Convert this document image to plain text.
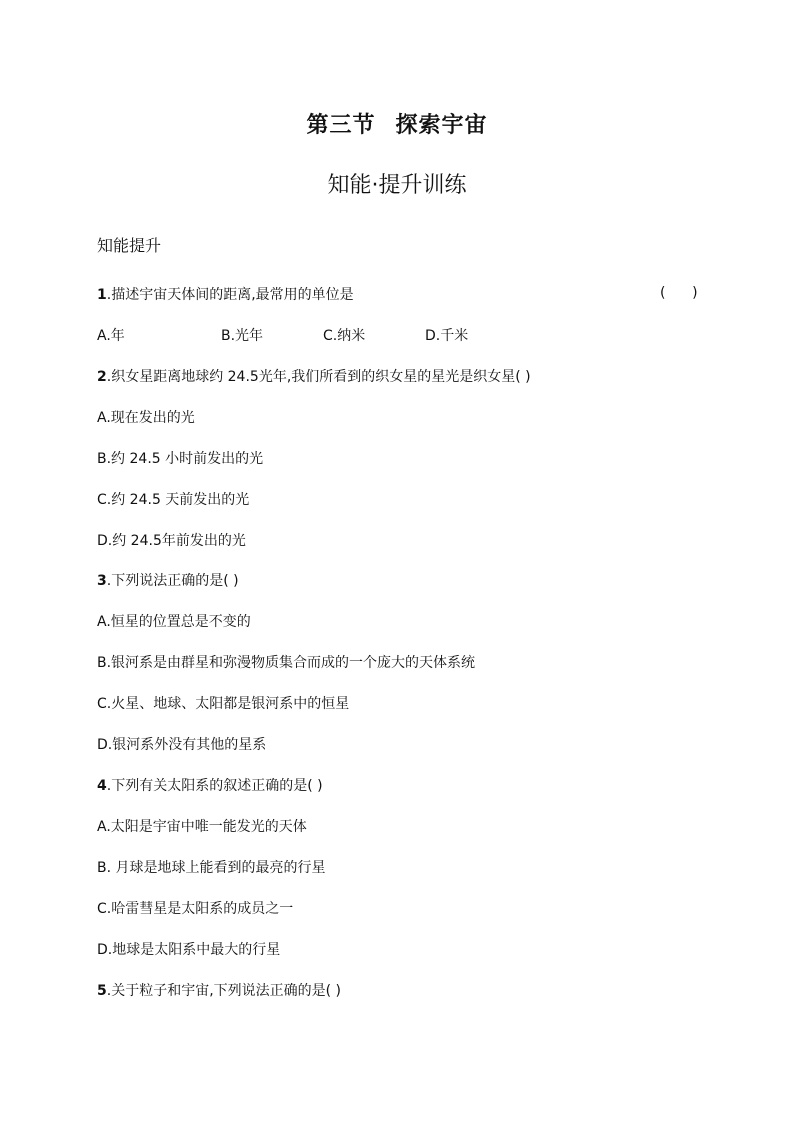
第三节 探索宇宙
知能·提升训练
知能提升
1.描述宇宙天体间的距离,最常用的单位是	(      )
A.年	B.光年	C.纳米	D.千米
2.织女星距离地球约 24.5光年,我们所看到的织女星的星光是织女星( )
A.现在发出的光
B.约 24.5 小时前发出的光
C.约 24.5 天前发出的光
D.约 24.5年前发出的光
3.下列说法正确的是( )
A.恒星的位置总是不变的
B.银河系是由群星和弥漫物质集合而成的一个庞大的天体系统
C.火星、地球、太阳都是银河系中的恒星
D.银河系外没有其他的星系
4.下列有关太阳系的叙述正确的是( )
A.太阳是宇宙中唯一能发光的天体
B. 月球是地球上能看到的最亮的行星
C.哈雷彗星是太阳系的成员之一
D.地球是太阳系中最大的行星
5.关于粒子和宇宙,下列说法正确的是( )
